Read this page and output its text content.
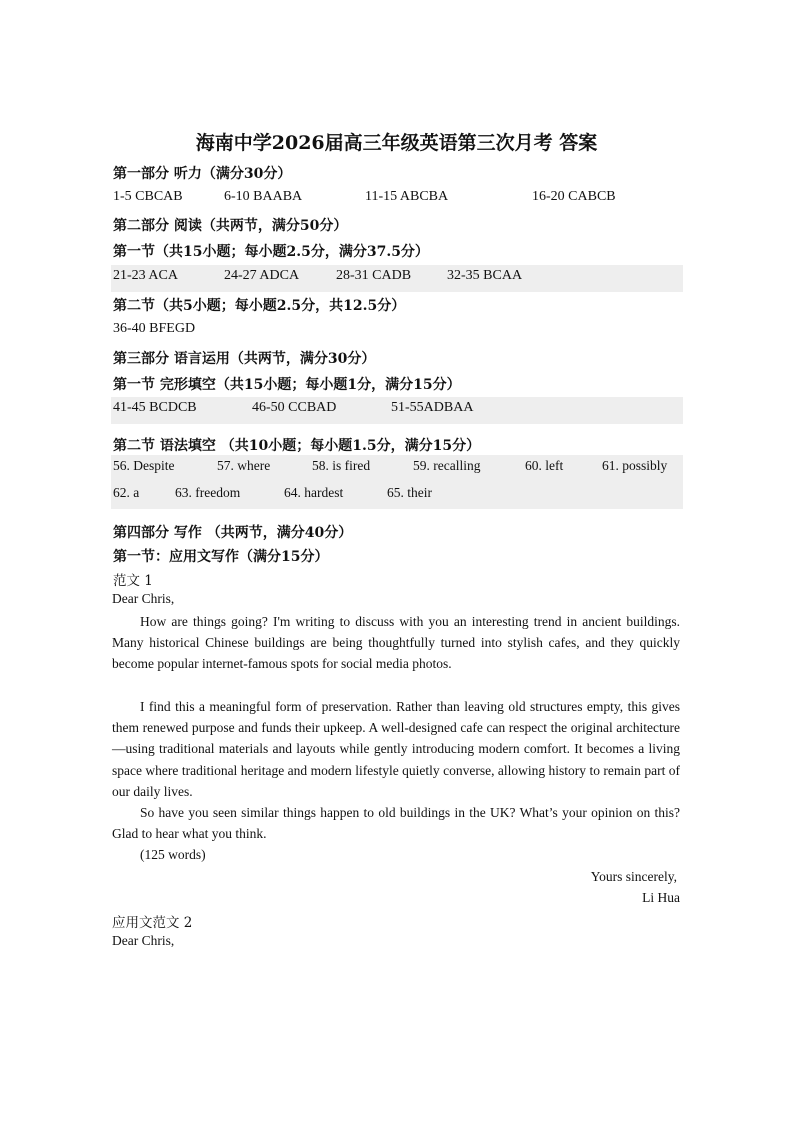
海南中学2026届高三年级英语第三次月考 答案
第一部分 听力（满分30分）
1-5 CBCAB	6-10 BAABA	11-15 ABCBA	16-20 CABCB
第二部分 阅读（共两节，满分50分）
第一节（共15小题；每小题2.5分，满分37.5分）
21-23 ACA	24-27 ADCA	28-31 CADB	32-35 BCAA
第二节（共5小题；每小题2.5分，共12.5分）
36-40 BFEGD
第三部分 语言运用（共两节，满分30分）
第一节 完形填空（共15小题；每小题1分，满分15分）
41-45 BCDCB	46-50 CCBAD	51-55ADBAA
第二节 语法填空 （共10小题；每小题1.5分，满分15分）
56. Despite	57. where	58. is fired	59. recalling	60. left	61. possibly
62. a	63. freedom	64. hardest	65. their
第四部分 写作 （共两节，满分40分）
第一节：应用文写作（满分15分）
范文 1
Dear Chris,
How are things going? I'm writing to discuss with you an interesting trend in ancient buildings. Many historical Chinese buildings are being thoughtfully turned into stylish cafes, and they quickly become popular internet-famous spots for social media photos.
I find this a meaningful form of preservation. Rather than leaving old structures empty, this gives them renewed purpose and funds their upkeep. A well-designed cafe can respect the original architecture —using traditional materials and layouts while gently introducing modern comfort. It becomes a living space where traditional heritage and modern lifestyle quietly converse, allowing history to remain part of our daily lives.
So have you seen similar things happen to old buildings in the UK? What’s your opinion on this? Glad to hear what you think.
(125 words)
Yours sincerely,
Li Hua
应用文范文 2
Dear Chris,
